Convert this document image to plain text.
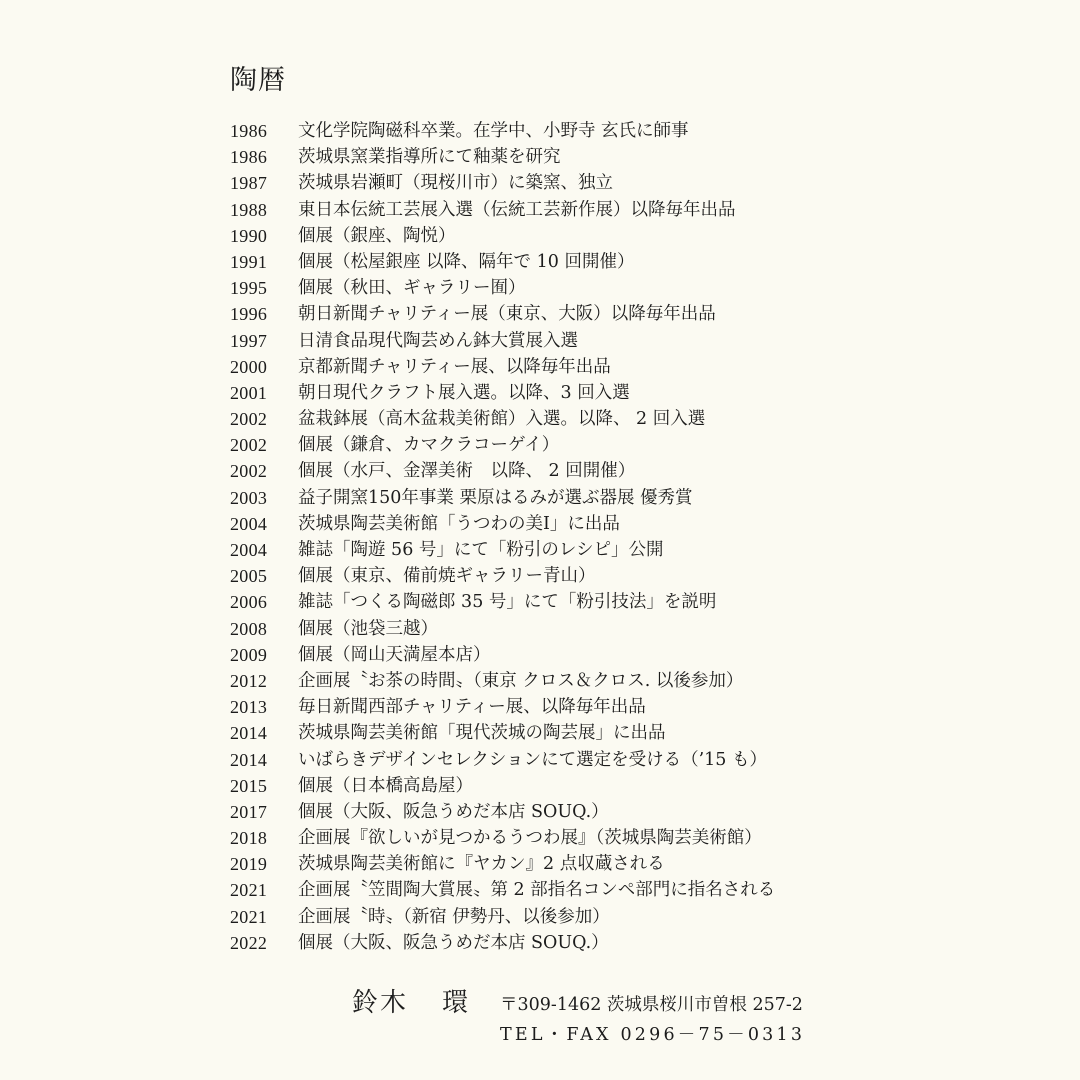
陶暦
1986	文化学院陶磁科卒業。在学中、小野寺 玄氏に師事
1986	茨城県窯業指導所にて釉薬を研究
1987	茨城県岩瀬町（現桜川市）に築窯、独立
1988	東日本伝統工芸展入選（伝統工芸新作展）以降毎年出品
1990	個展（銀座、陶悦）
1991	個展（松屋銀座 以降、隔年で 10 回開催）
1995	個展（秋田、ギャラリー囿）
1996	朝日新聞チャリティー展（東京、大阪）以降毎年出品
1997	日清食品現代陶芸めん鉢大賞展入選
2000	京都新聞チャリティー展、以降毎年出品
2001	朝日現代クラフト展入選。以降、3 回入選
2002	盆栽鉢展（高木盆栽美術館）入選。以降、 2 回入選
2002	個展（鎌倉、カマクラコーゲイ）
2002	個展（水戸、金澤美術　以降、 2 回開催）
2003	益子開窯150年事業 栗原はるみが選ぶ器展 優秀賞
2004	茨城県陶芸美術館「うつわの美Ⅰ」に出品
2004	雑誌「陶遊 56 号」にて「粉引のレシピ」公開
2005	個展（東京、備前焼ギャラリー青山）
2006	雑誌「つくる陶磁郎 35 号」にて「粉引技法」を説明
2008	個展（池袋三越）
2009	個展（岡山天満屋本店）
2012	企画展〝お茶の時間〟（東京 クロス＆クロス. 以後参加）
2013	毎日新聞西部チャリティー展、以降毎年出品
2014	茨城県陶芸美術館「現代茨城の陶芸展」に出品
2014	いばらきデザインセレクションにて選定を受ける（’15 も）
2015	個展（日本橋高島屋）
2017	個展（大阪、阪急うめだ本店 SOUQ.）
2018	企画展『欲しいが見つかるうつわ展』（茨城県陶芸美術館）
2019	茨城県陶芸美術館に『ヤカン』2 点収蔵される
2021	企画展〝笠間陶大賞展〟第 2 部指名コンペ部門に指名される
2021	企画展〝時〟（新宿 伊勢丹、以後参加）
2022	個展（大阪、阪急うめだ本店 SOUQ.）
鈴木 環 〒309-1462 茨城県桜川市曽根 257-2
TEL・FAX 0296－75－0313
